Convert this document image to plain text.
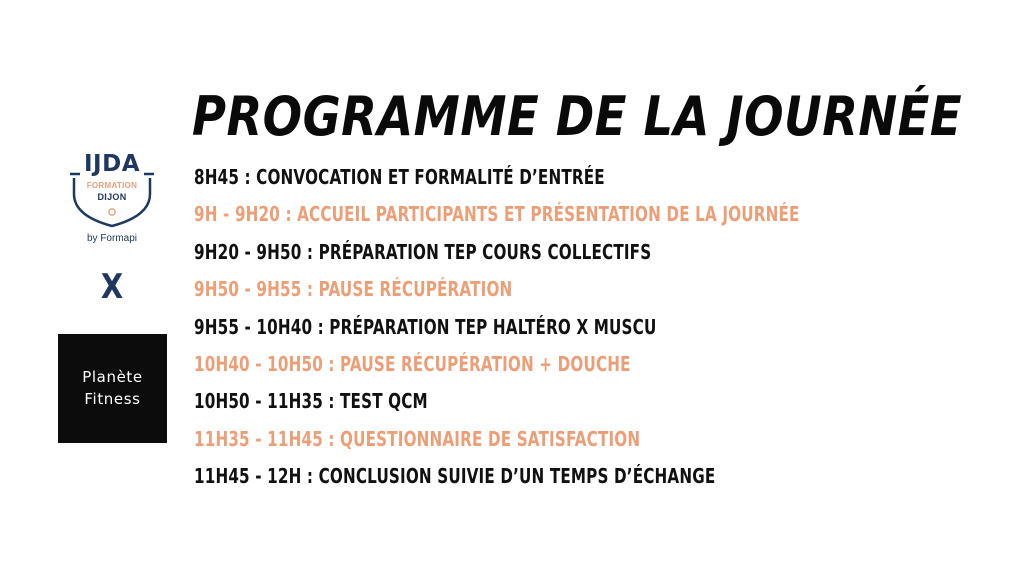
IJDA
FORMATION
DIJON
by Formapi
X
Planète
Fitness
PROGRAMME DE LA JOURNÉE
8H45 : CONVOCATION ET FORMALITÉ D’ENTRÉE
9H - 9H20 : ACCUEIL PARTICIPANTS ET PRÉSENTATION DE LA JOURNÉE
9H20 - 9H50 : PRÉPARATION TEP COURS COLLECTIFS
9H50 - 9H55 : PAUSE RÉCUPÉRATION
9H55 - 10H40 : PRÉPARATION TEP HALTÉRO X MUSCU
10H40 - 10H50 : PAUSE RÉCUPÉRATION + DOUCHE
10H50 - 11H35 : TEST QCM
11H35 - 11H45 : QUESTIONNAIRE DE SATISFACTION
11H45 - 12H : CONCLUSION SUIVIE D’UN TEMPS D’ÉCHANGE
